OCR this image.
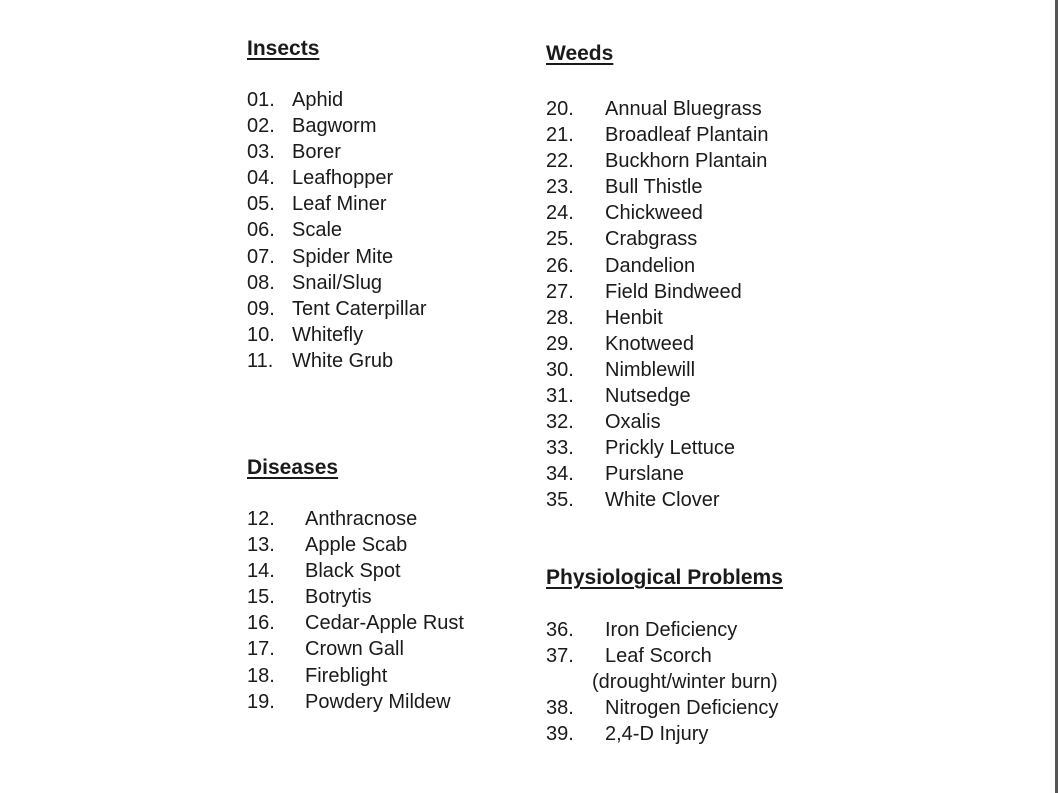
Insects
01. Aphid
02. Bagworm
03. Borer
04. Leafhopper
05. Leaf Miner
06. Scale
07. Spider Mite
08. Snail/Slug
09. Tent Caterpillar
10. Whitefly
11. White Grub
Diseases
12. Anthracnose
13. Apple Scab
14. Black Spot
15. Botrytis
16. Cedar-Apple Rust
17. Crown Gall
18. Fireblight
19. Powdery Mildew
Weeds
20. Annual Bluegrass
21. Broadleaf Plantain
22. Buckhorn Plantain
23. Bull Thistle
24. Chickweed
25. Crabgrass
26. Dandelion
27. Field Bindweed
28. Henbit
29. Knotweed
30. Nimblewill
31. Nutsedge
32. Oxalis
33. Prickly Lettuce
34. Purslane
35. White Clover
Physiological Problems
36. Iron Deficiency
37. Leaf Scorch
(drought/winter burn)
38. Nitrogen Deficiency
39. 2,4-D Injury
